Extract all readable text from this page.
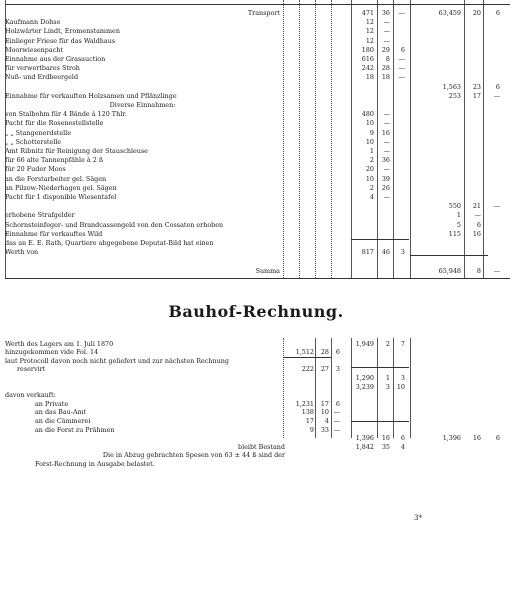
Transport	471 36 —	63,459 20 6
Kaufmann Dohse	12 —
Holzwärter Lindt, Eromenstammen	12 —
Einlieger Friese für das Waldhaus	12 —
Moorwiesenpacht	180 29 6
Einnahme aus der Grasauction	616 8 —
für verwertbares Stroh	242 28 —
Nuß- und Erdbeergeld	18 18 —
1,563 23 6
Einnahme für verkauften Holzsamen und Pflänzlinge	253 17 —
Diverse Einnahmen:
von Stalbohm für 4 Bände à 120 Thlr.	480 —
Pacht für die Rosenestellstelle	10 —
„ „ Stangenerdstelle	9 16
„ „ Schotterstelle	10 —
Amt Ribnitz für Reinigung der Stauschleuse	1 —
für 66 alte Tannenpfähle à 2 ß	2 36
für 20 Fuder Moos	20 —
an die Forstarbeiter gel. Sägen	10 39
an Pilzow-Niederhagen gel. Sägen	2 26
Pacht für 1 disponible Wiesentafel	4 —
550 21 —
erhobene Strafgelder	1 —
Schornsteinfeger- und Brandcassengeld von den Cossaten erhoben	5 6
Einnahme für verkauftes Wild	115 16
das an E. E. Rath, Quartiere abgegebene Deputat-Bild hat einen
Werth von	817 46 3
Summa	65,948 8 —
Bauhof-Rechnung.
Werth des Lagers am 1. Juli 1870	1,949 2 7
hinzugekommen vide Fol. 14	1,512 28 6
laut Protocoll davon noch nicht geliefert und zur nächsten Rechnung
reservirt	222 27 3
1,290 1 3
3,239 3 10
davon verkauft:
an Private	1,231 17 6
an das Bau-Amt	138 10 —
an die Cämmerei	17 4 —
an die Forst zu Prähmen	9 33 —
1,396 16 6	1,396 16 6
bleibt Bestand	1,842 35 4
Die in Abzug gebrachten Spesen von 63 ± 44 ß sind der
Forst-Rechnung in Ausgabe belastet.
3*
